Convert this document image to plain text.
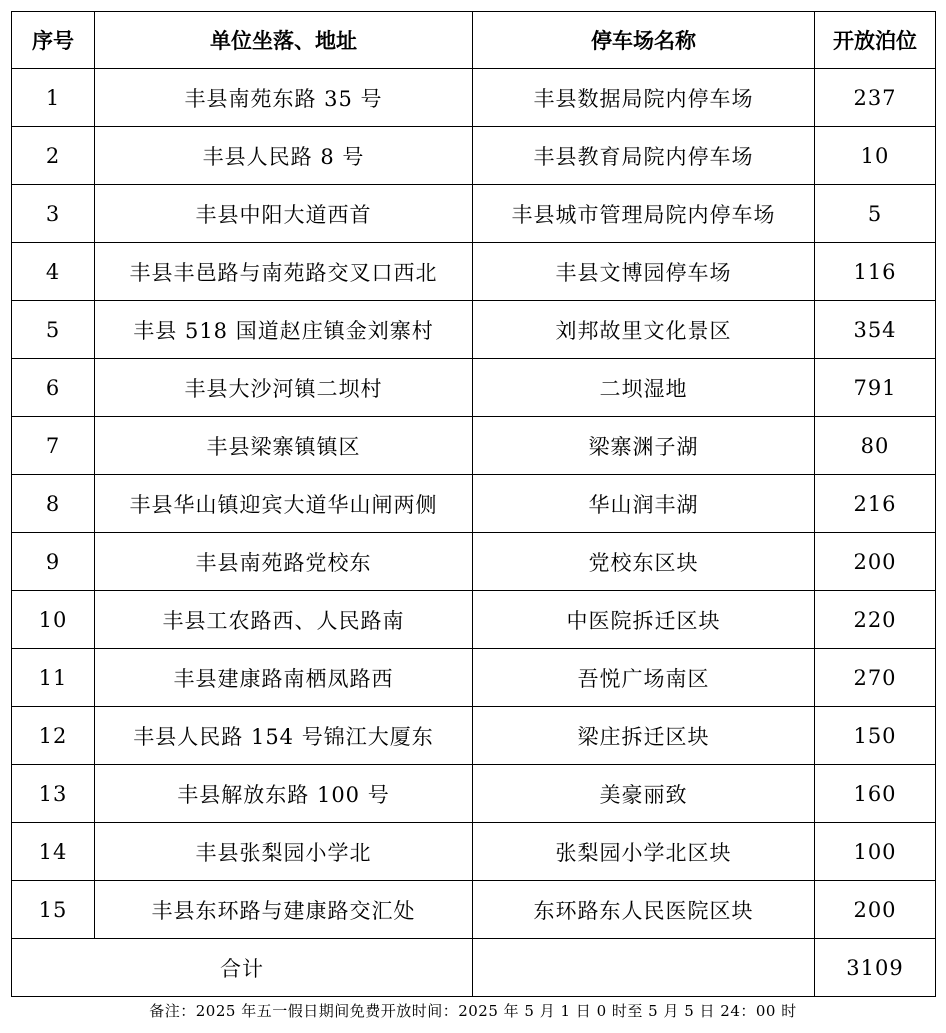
序号	单位坐落、地址	停车场名称	开放泊位
1	丰县南苑东路 35 号	丰县数据局院内停车场	237
2	丰县人民路 8 号	丰县教育局院内停车场	10
3	丰县中阳大道西首	丰县城市管理局院内停车场	5
4	丰县丰邑路与南苑路交叉口西北	丰县文博园停车场	116
5	丰县 518 国道赵庄镇金刘寨村	刘邦故里文化景区	354
6	丰县大沙河镇二坝村	二坝湿地	791
7	丰县梁寨镇镇区	梁寨渊子湖	80
8	丰县华山镇迎宾大道华山闸两侧	华山润丰湖	216
9	丰县南苑路党校东	党校东区块	200
10	丰县工农路西、人民路南	中医院拆迁区块	220
11	丰县建康路南栖凤路西	吾悦广场南区	270
12	丰县人民路 154 号锦江大厦东	梁庄拆迁区块	150
13	丰县解放东路 100 号	美豪丽致	160
14	丰县张梨园小学北	张梨园小学北区块	100
15	丰县东环路与建康路交汇处	东环路东人民医院区块	200
合计			3109
备注：2025 年五一假日期间免费开放时间：2025 年 5 月 1 日 0 时至 5 月 5 日 24：00 时
